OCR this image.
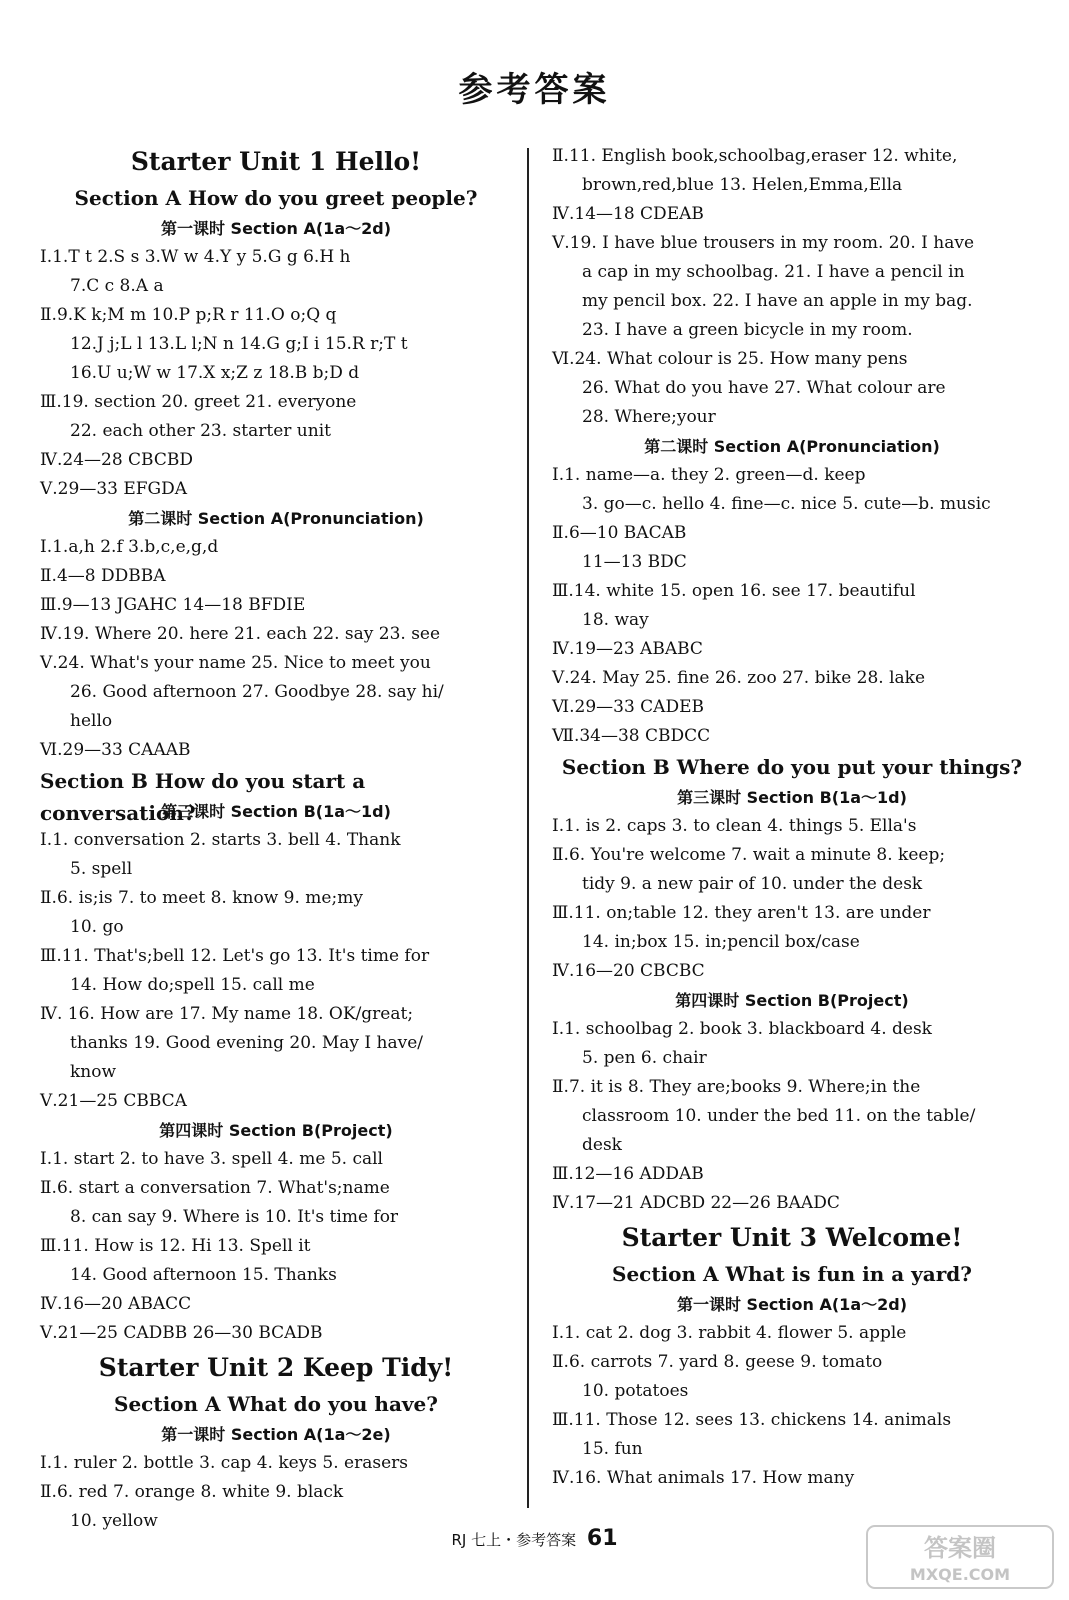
参考答案
Starter Unit 1 Hello!
Section A How do you greet people?
第一课时 Section A(1a～2d)
Ⅰ.1.T t 2.S s 3.W w 4.Y y 5.G g 6.H h
7.C c 8.A a
Ⅱ.9.K k;M m 10.P p;R r 11.O o;Q q
12.J j;L l 13.L l;N n 14.G g;I i 15.R r;T t
16.U u;W w 17.X x;Z z 18.B b;D d
Ⅲ.19. section 20. greet 21. everyone
22. each other 23. starter unit
Ⅳ.24—28 CBCBD
Ⅴ.29—33 EFGDA
第二课时 Section A(Pronunciation)
Ⅰ.1.a,h 2.f 3.b,c,e,g,d
Ⅱ.4—8 DDBBA
Ⅲ.9—13 JGAHC 14—18 BFDIE
Ⅳ.19. Where 20. here 21. each 22. say 23. see
Ⅴ.24. What's your name 25. Nice to meet you
26. Good afternoon 27. Goodbye 28. say hi/
hello
Ⅵ.29—33 CAAAB
Section B How do you start a conversation?
第三课时 Section B(1a～1d)
Ⅰ.1. conversation 2. starts 3. bell 4. Thank
5. spell
Ⅱ.6. is;is 7. to meet 8. know 9. me;my
10. go
Ⅲ.11. That's;bell 12. Let's go 13. It's time for
14. How do;spell 15. call me
Ⅳ. 16. How are 17. My name 18. OK/great;
thanks 19. Good evening 20. May I have/
know
Ⅴ.21—25 CBBCA
第四课时 Section B(Project)
Ⅰ.1. start 2. to have 3. spell 4. me 5. call
Ⅱ.6. start a conversation 7. What's;name
8. can say 9. Where is 10. It's time for
Ⅲ.11. How is 12. Hi 13. Spell it
14. Good afternoon 15. Thanks
Ⅳ.16—20 ABACC
Ⅴ.21—25 CADBB 26—30 BCADB
Starter Unit 2 Keep Tidy!
Section A What do you have?
第一课时 Section A(1a～2e)
Ⅰ.1. ruler 2. bottle 3. cap 4. keys 5. erasers
Ⅱ.6. red 7. orange 8. white 9. black
10. yellow
Ⅱ.11. English book,schoolbag,eraser 12. white,
brown,red,blue 13. Helen,Emma,Ella
Ⅳ.14—18 CDEAB
Ⅴ.19. I have blue trousers in my room. 20. I have
a cap in my schoolbag. 21. I have a pencil in
my pencil box. 22. I have an apple in my bag.
23. I have a green bicycle in my room.
Ⅵ.24. What colour is 25. How many pens
26. What do you have 27. What colour are
28. Where;your
第二课时 Section A(Pronunciation)
Ⅰ.1. name—a. they 2. green—d. keep
3. go—c. hello 4. fine—c. nice 5. cute—b. music
Ⅱ.6—10 BACAB
11—13 BDC
Ⅲ.14. white 15. open 16. see 17. beautiful
18. way
Ⅳ.19—23 ABABC
Ⅴ.24. May 25. fine 26. zoo 27. bike 28. lake
Ⅵ.29—33 CADEB
Ⅶ.34—38 CBDCC
Section B Where do you put your things?
第三课时 Section B(1a～1d)
Ⅰ.1. is 2. caps 3. to clean 4. things 5. Ella's
Ⅱ.6. You're welcome 7. wait a minute 8. keep;
tidy 9. a new pair of 10. under the desk
Ⅲ.11. on;table 12. they aren't 13. are under
14. in;box 15. in;pencil box/case
Ⅳ.16—20 CBCBC
第四课时 Section B(Project)
Ⅰ.1. schoolbag 2. book 3. blackboard 4. desk
5. pen 6. chair
Ⅱ.7. it is 8. They are;books 9. Where;in the
classroom 10. under the bed 11. on the table/
desk
Ⅲ.12—16 ADDAB
Ⅳ.17—21 ADCBD 22—26 BAADC
Starter Unit 3 Welcome!
Section A What is fun in a yard?
第一课时 Section A(1a～2d)
Ⅰ.1. cat 2. dog 3. rabbit 4. flower 5. apple
Ⅱ.6. carrots 7. yard 8. geese 9. tomato
10. potatoes
Ⅲ.11. Those 12. sees 13. chickens 14. animals
15. fun
Ⅳ.16. What animals 17. How many
RJ 七上・参考答案 61	答案圈
MXQE.COM
